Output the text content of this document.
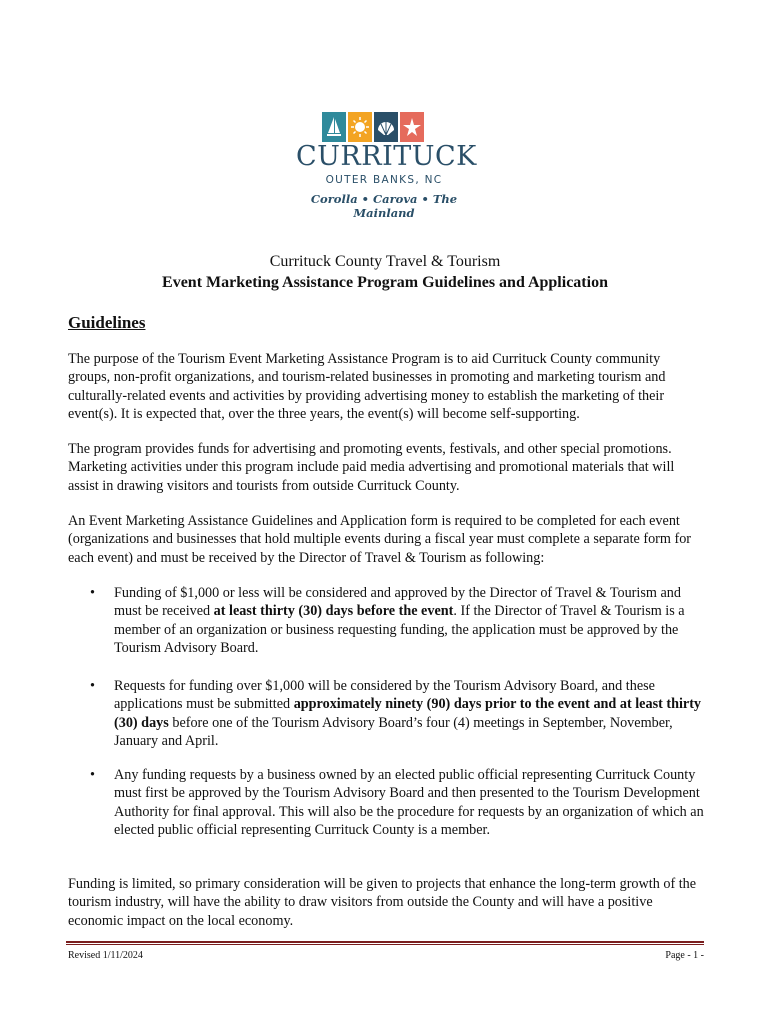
CURRITUCK
OUTER BANKS, NC
Corolla • Carova • The Mainland
Currituck County Travel & Tourism
Event Marketing Assistance Program Guidelines and Application
Guidelines

The purpose of the Tourism Event Marketing Assistance Program is to aid Currituck County community groups, non-profit organizations, and tourism-related businesses in promoting and marketing tourism and culturally-related events and activities by providing advertising money to establish the marketing of their event(s). It is expected that, over the three years, the event(s) will become self-supporting.

The program provides funds for advertising and promoting events, festivals, and other special promotions. Marketing activities under this program include paid media advertising and promotional materials that will assist in drawing visitors and tourists from outside Currituck County.

An Event Marketing Assistance Guidelines and Application form is required to be completed for each event (organizations and businesses that hold multiple events during a fiscal year must complete a separate form for each event) and must be received by the Director of Travel & Tourism as following:

• Funding of $1,000 or less will be considered and approved by the Director of Travel & Tourism and must be received at least thirty (30) days before the event. If the Director of Travel & Tourism is a member of an organization or business requesting funding, the application must be approved by the Tourism Advisory Board.
• Requests for funding over $1,000 will be considered by the Tourism Advisory Board, and these applications must be submitted approximately ninety (90) days prior to the event and at least thirty (30) days before one of the Tourism Advisory Board’s four (4) meetings in September, November, January and April.
• Any funding requests by a business owned by an elected public official representing Currituck County must first be approved by the Tourism Advisory Board and then presented to the Tourism Development Authority for final approval. This will also be the procedure for requests by an organization of which an elected public official representing Currituck County is a member.

Funding is limited, so primary consideration will be given to projects that enhance the long-term growth of the tourism industry, will have the ability to draw visitors from outside the County and will have a positive economic impact on the local economy.

Revised 1/11/2024	Page - 1 -
